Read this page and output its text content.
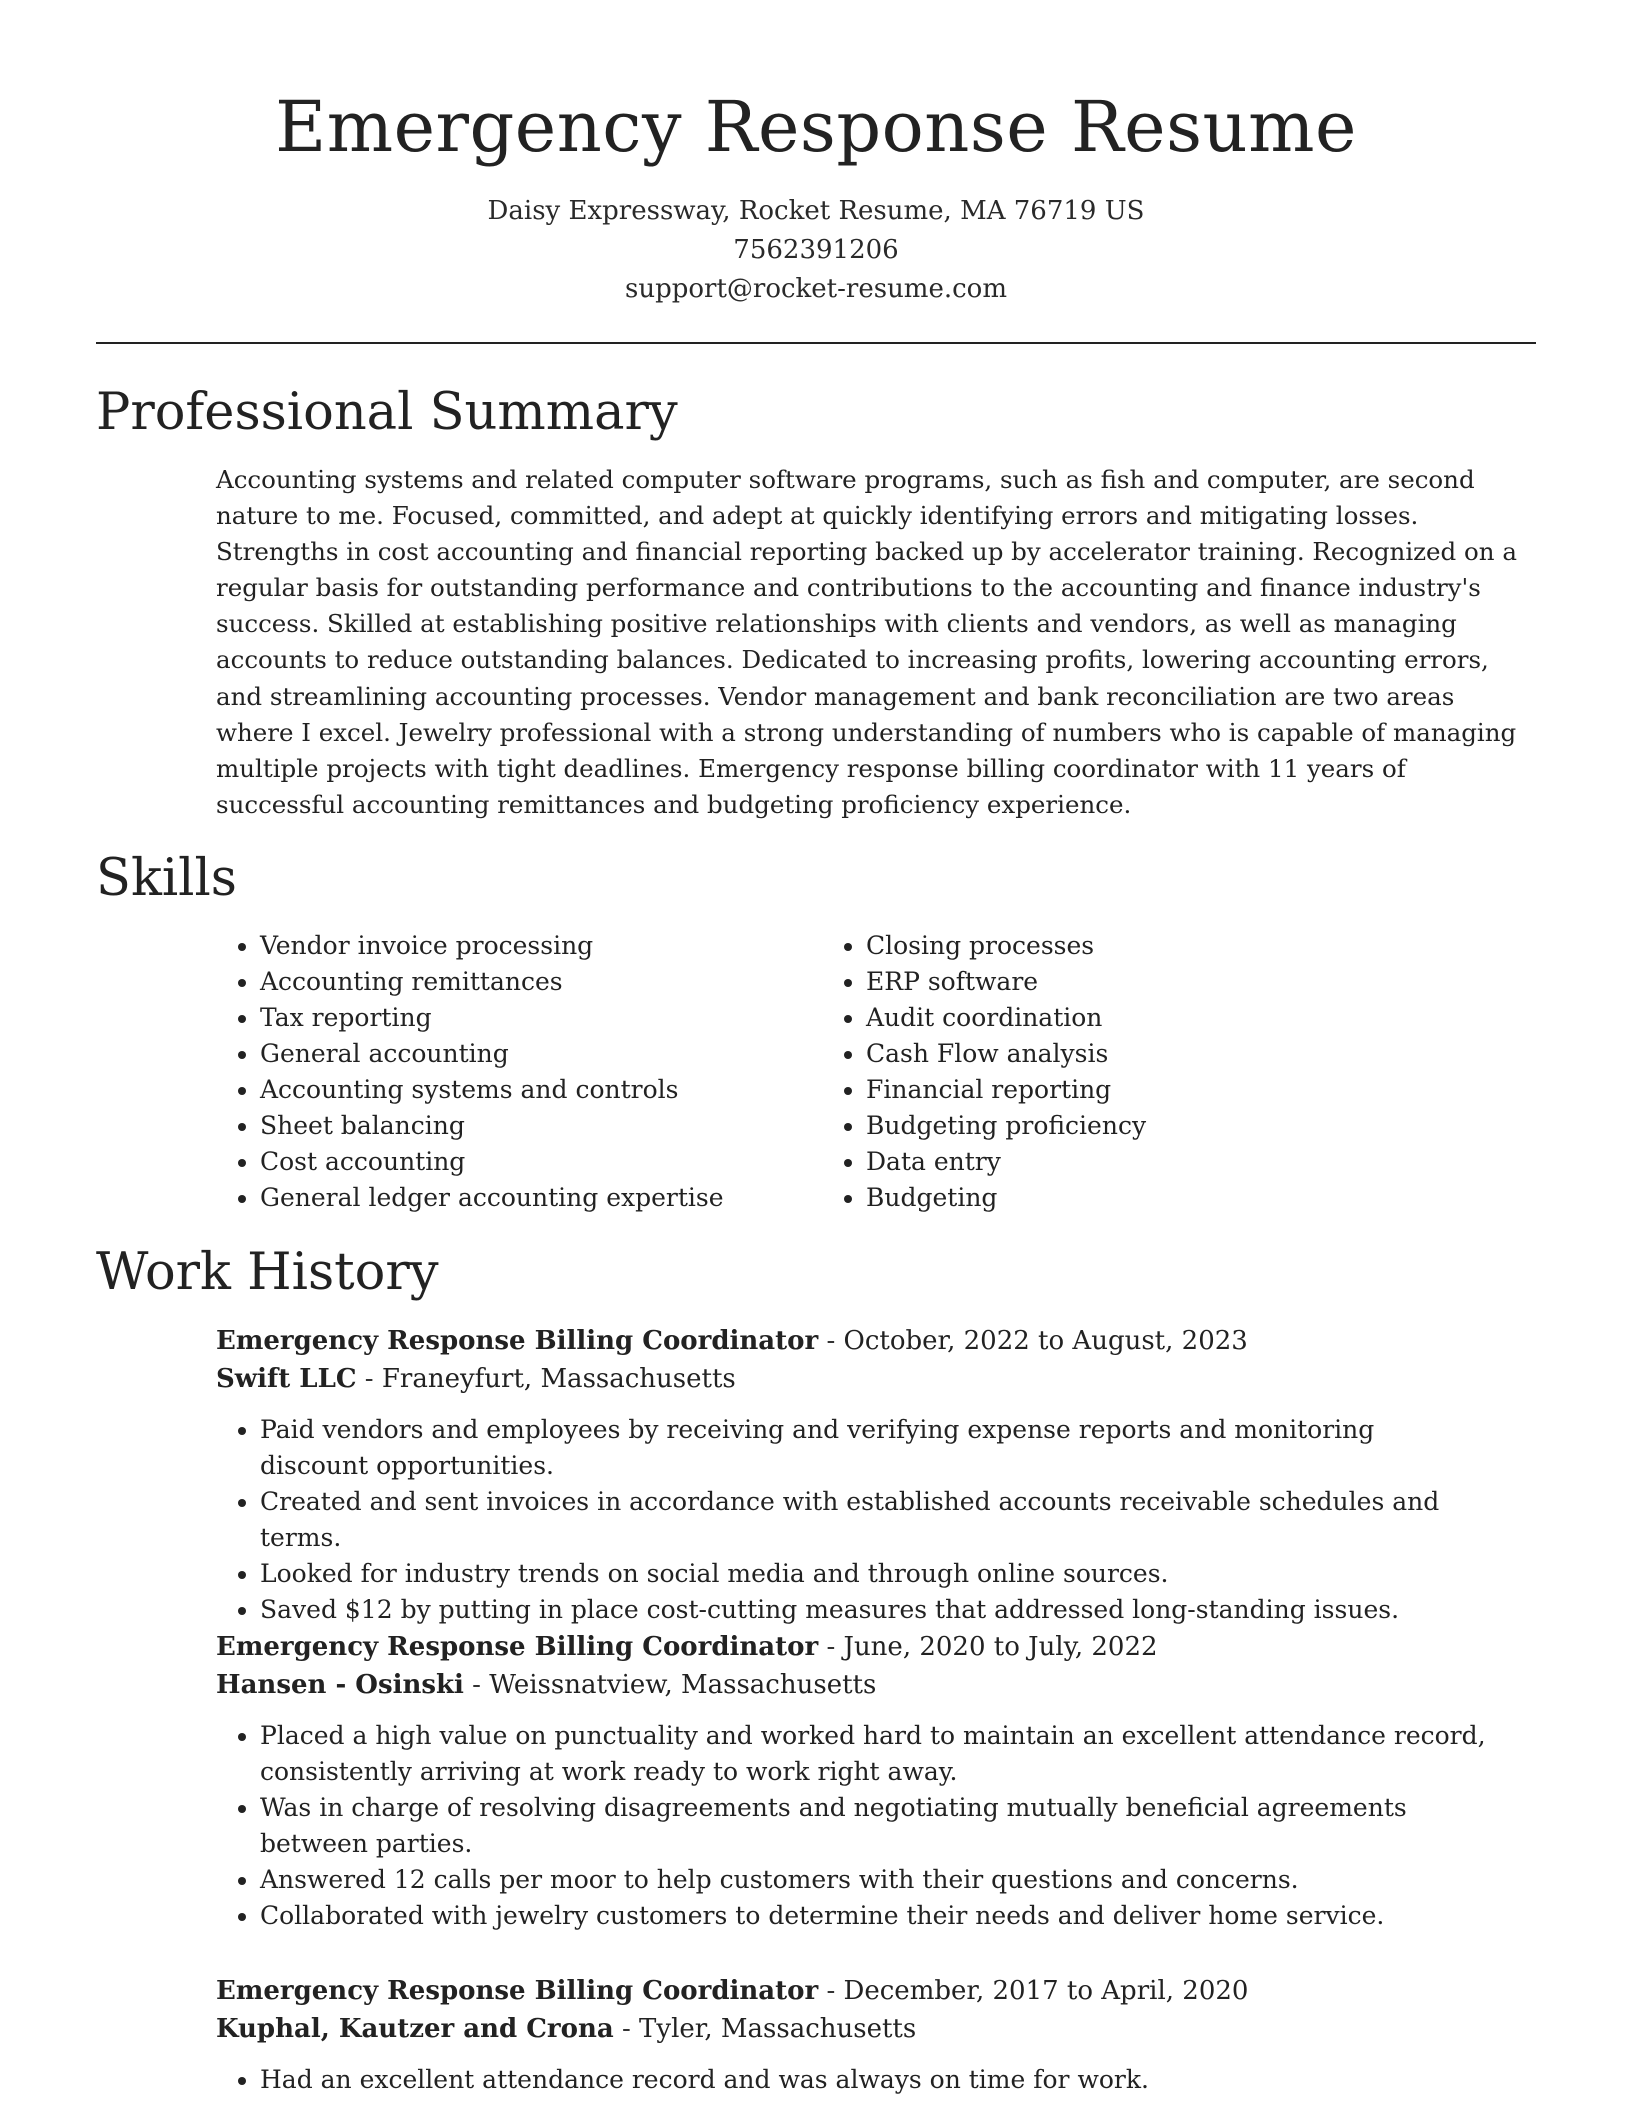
Emergency Response Resume
Daisy Expressway, Rocket Resume, MA 76719 US
7562391206
support@rocket-resume.com
Professional Summary

Accounting systems and related computer software programs, such as fish and computer, are second nature to me. Focused, committed, and adept at quickly identifying errors and mitigating losses. Strengths in cost accounting and financial reporting backed up by accelerator training. Recognized on a regular basis for outstanding performance and contributions to the accounting and finance industry's success. Skilled at establishing positive relationships with clients and vendors, as well as managing accounts to reduce outstanding balances. Dedicated to increasing profits, lowering accounting errors, and streamlining accounting processes. Vendor management and bank reconciliation are two areas where I excel. Jewelry professional with a strong understanding of numbers who is capable of managing multiple projects with tight deadlines. Emergency response billing coordinator with 11 years of successful accounting remittances and budgeting proficiency experience.

Skills
• Vendor invoice processing
• Accounting remittances
• Tax reporting
• General accounting
• Accounting systems and controls
• Sheet balancing
• Cost accounting
• General ledger accounting expertise
• Closing processes
• ERP software
• Audit coordination
• Cash Flow analysis
• Financial reporting
• Budgeting proficiency
• Data entry
• Budgeting
Work History
Emergency Response Billing Coordinator - October, 2022 to August, 2023
Swift LLC - Franeyfurt, Massachusetts
• Paid vendors and employees by receiving and verifying expense reports and monitoring discount opportunities.
• Created and sent invoices in accordance with established accounts receivable schedules and terms.
• Looked for industry trends on social media and through online sources.
• Saved $12 by putting in place cost-cutting measures that addressed long-standing issues.
Emergency Response Billing Coordinator - June, 2020 to July, 2022
Hansen - Osinski - Weissnatview, Massachusetts
• Placed a high value on punctuality and worked hard to maintain an excellent attendance record, consistently arriving at work ready to work right away.
• Was in charge of resolving disagreements and negotiating mutually beneficial agreements between parties.
• Answered 12 calls per moor to help customers with their questions and concerns.
• Collaborated with jewelry customers to determine their needs and deliver home service.
Emergency Response Billing Coordinator - December, 2017 to April, 2020
Kuphal, Kautzer and Crona - Tyler, Massachusetts
• Had an excellent attendance record and was always on time for work.
